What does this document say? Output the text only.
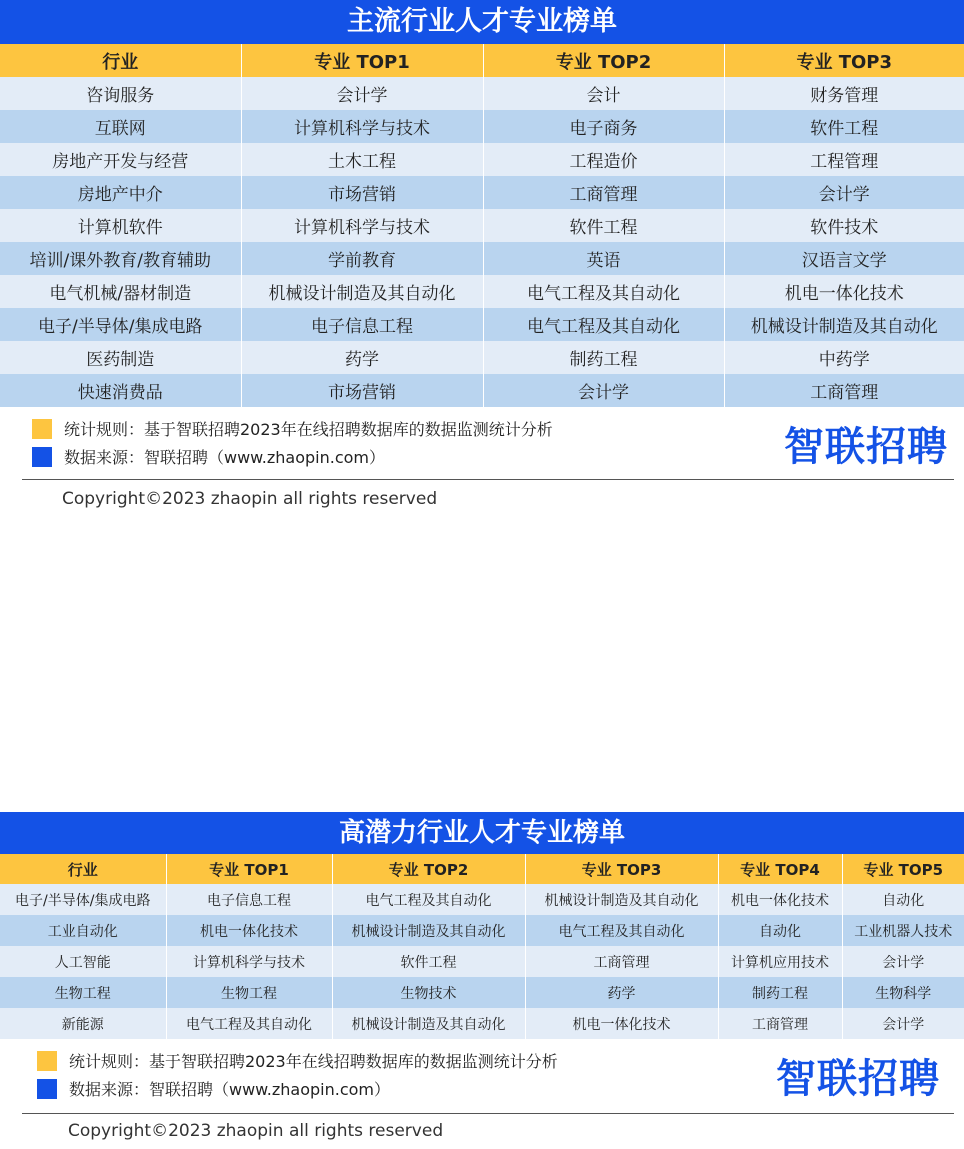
主流行业人才专业榜单
行业	专业 TOP1	专业 TOP2	专业 TOP3
咨询服务	会计学	会计	财务管理
互联网	计算机科学与技术	电子商务	软件工程
房地产开发与经营	土木工程	工程造价	工程管理
房地产中介	市场营销	工商管理	会计学
计算机软件	计算机科学与技术	软件工程	软件技术
培训/课外教育/教育辅助	学前教育	英语	汉语言文学
电气机械/器材制造	机械设计制造及其自动化	电气工程及其自动化	机电一体化技术
电子/半导体/集成电路	电子信息工程	电气工程及其自动化	机械设计制造及其自动化
医药制造	药学	制药工程	中药学
快速消费品	市场营销	会计学	工商管理
统计规则：基于智联招聘2023年在线招聘数据库的数据监测统计分析
数据来源：智联招聘（www.zhaopin.com）	智联招聘
Copyright©2023 zhaopin all rights reserved
高潜力行业人才专业榜单
行业	专业 TOP1	专业 TOP2	专业 TOP3	专业 TOP4	专业 TOP5
电子/半导体/集成电路	电子信息工程	电气工程及其自动化	机械设计制造及其自动化	机电一体化技术	自动化
工业自动化	机电一体化技术	机械设计制造及其自动化	电气工程及其自动化	自动化	工业机器人技术
人工智能	计算机科学与技术	软件工程	工商管理	计算机应用技术	会计学
生物工程	生物工程	生物技术	药学	制药工程	生物科学
新能源	电气工程及其自动化	机械设计制造及其自动化	机电一体化技术	工商管理	会计学
统计规则：基于智联招聘2023年在线招聘数据库的数据监测统计分析
数据来源：智联招聘（www.zhaopin.com）	智联招聘
Copyright©2023 zhaopin all rights reserved
